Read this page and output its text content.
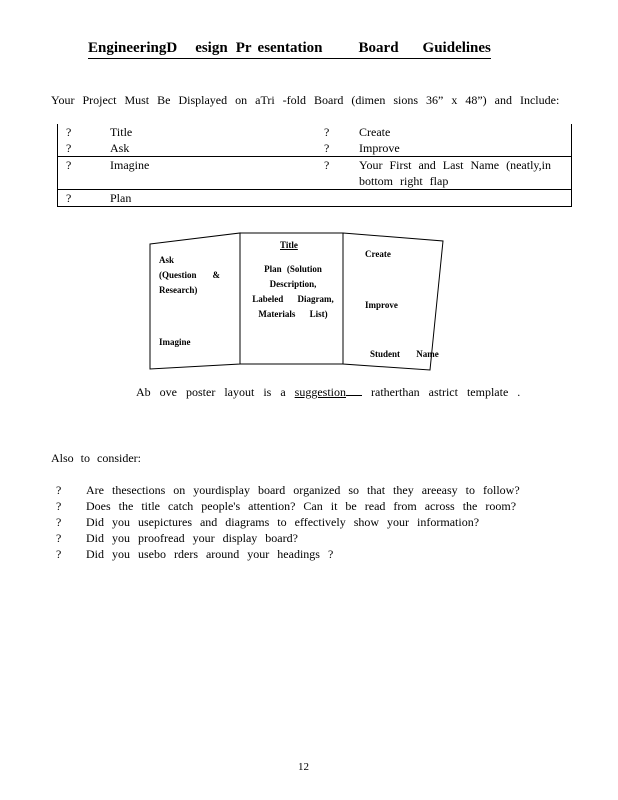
EngineeringD esign Pr esentation Board Guidelines
Your Project Must Be Displayed on aTri -fold Board (dimen sions 36” x 48”) and Include:
?	Title	?	Create
?	Ask	?	Improve
?	Imagine	?	Your First and Last Name (neatly,in
bottom right flap

?	Plan		
Ask
(Question &
Research)
Imagine
Title
Plan (Solution
Description,
Labeled Diagram,
Materials List)
Create
Improve
Student Name
Ab ove poster layout is a suggestion ratherthan astrict template .
Also to consider:
? Are thesections on yourdisplay board organized so that they areeasy to follow?
? Does the title catch people's attention? Can it be read from across the room?
? Did you usepictures and diagrams to effectively show your information?
? Did you proofread your display board?
? Did you usebo rders around your headings ?
12
